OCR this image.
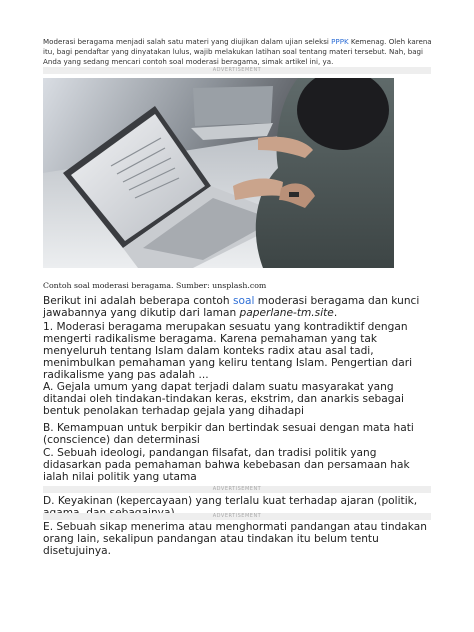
Moderasi beragama menjadi salah satu materi yang diujikan dalam ujian seleksi PPPK Kemenag. Oleh karena itu, bagi pendaftar yang dinyatakan lulus, wajib melakukan latihan soal tentang materi tersebut. Nah, bagi Anda yang sedang mencari contoh soal moderasi beragama, simak artikel ini, ya.
ADVERTISEMENT
Contoh soal moderasi beragama. Sumber: unsplash.com
Berikut ini adalah beberapa contoh soal moderasi beragama dan kunci jawabannya yang dikutip dari laman paperlane-tm.site.
1. Moderasi beragama merupakan sesuatu yang kontradiktif dengan mengerti radikalisme beragama. Karena pemahaman yang tak menyeluruh tentang Islam dalam konteks radix atau asal tadi, menimbulkan pemahaman yang keliru tentang Islam. Pengertian dari radikalisme yang pas adalah ...
A. Gejala umum yang dapat terjadi dalam suatu masyarakat yang ditandai oleh tindakan-tindakan keras, ekstrim, dan anarkis sebagai bentuk penolakan terhadap gejala yang dihadapi
B. Kemampuan untuk berpikir dan bertindak sesuai dengan mata hati (conscience) dan determinasi
C. Sebuah ideologi, pandangan filsafat, dan tradisi politik yang didasarkan pada pemahaman bahwa kebebasan dan persamaan hak ialah nilai politik yang utama
ADVERTISEMENT
D. Keyakinan (kepercayaan) yang terlalu kuat terhadap ajaran (politik,
ADVERTISEMENT
E. Sebuah sikap menerima atau menghormati pandangan atau tindakan orang lain, sekalipun pandangan atau tindakan itu belum tentu disetujuinya.
